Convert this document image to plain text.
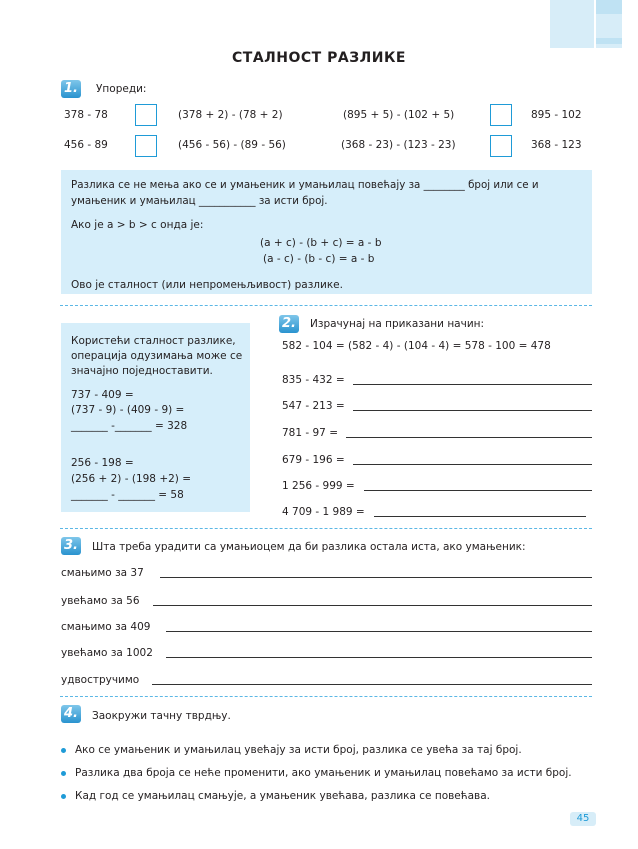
СТАЛНОСТ РАЗЛИКЕ
1. Упореди:
378 - 78	(378 + 2) - (78 + 2)	(895 + 5) - (102 + 5)	895 - 102
456 - 89	(456 - 56) - (89 - 56)	(368 - 23) - (123 - 23)	368 - 123
Разлика се не мења ако се и умањеник и умањилац повећају за ________ број или се и
умањеник и умањилац ___________ за исти број.
Ако је a > b > c онда је:
(a + c) - (b + c) = a - b
(a - c) - (b - c) = a - b
Ово је сталност (или непромењљивост) разлике.
Користећи сталност разлике,
операција одузимања може се
значајно поједноставити.
737 - 409 =
(737 - 9) - (409 - 9) =
_______ -_______ = 328
256 - 198 =
(256 + 2) - (198 +2) =
_______ - _______ = 58
2. Израчунај на приказани начин:
582 - 104 = (582 - 4) - (104 - 4) = 578 - 100 = 478
835 - 432 =
547 - 213 =
781 - 97 =
679 - 196 =
1 256 - 999 =
4 709 - 1 989 =
3. Шта треба урадити са умањиоцем да би разлика остала иста, ако умањеник:
смањимо за 37
увећамо за 56
смањимо за 409
увећамо за 1002
удвостручимо
4. Заокружи тачну тврдњу.
Ако се умањеник и умањилац увећају за исти број, разлика се увећа за тај број.
Разлика два броја се неће променити, ако умањеник и умањилац повећамо за исти број.
Кад год се умањилац смањује, а умањеник увећава, разлика се повећава.
45
